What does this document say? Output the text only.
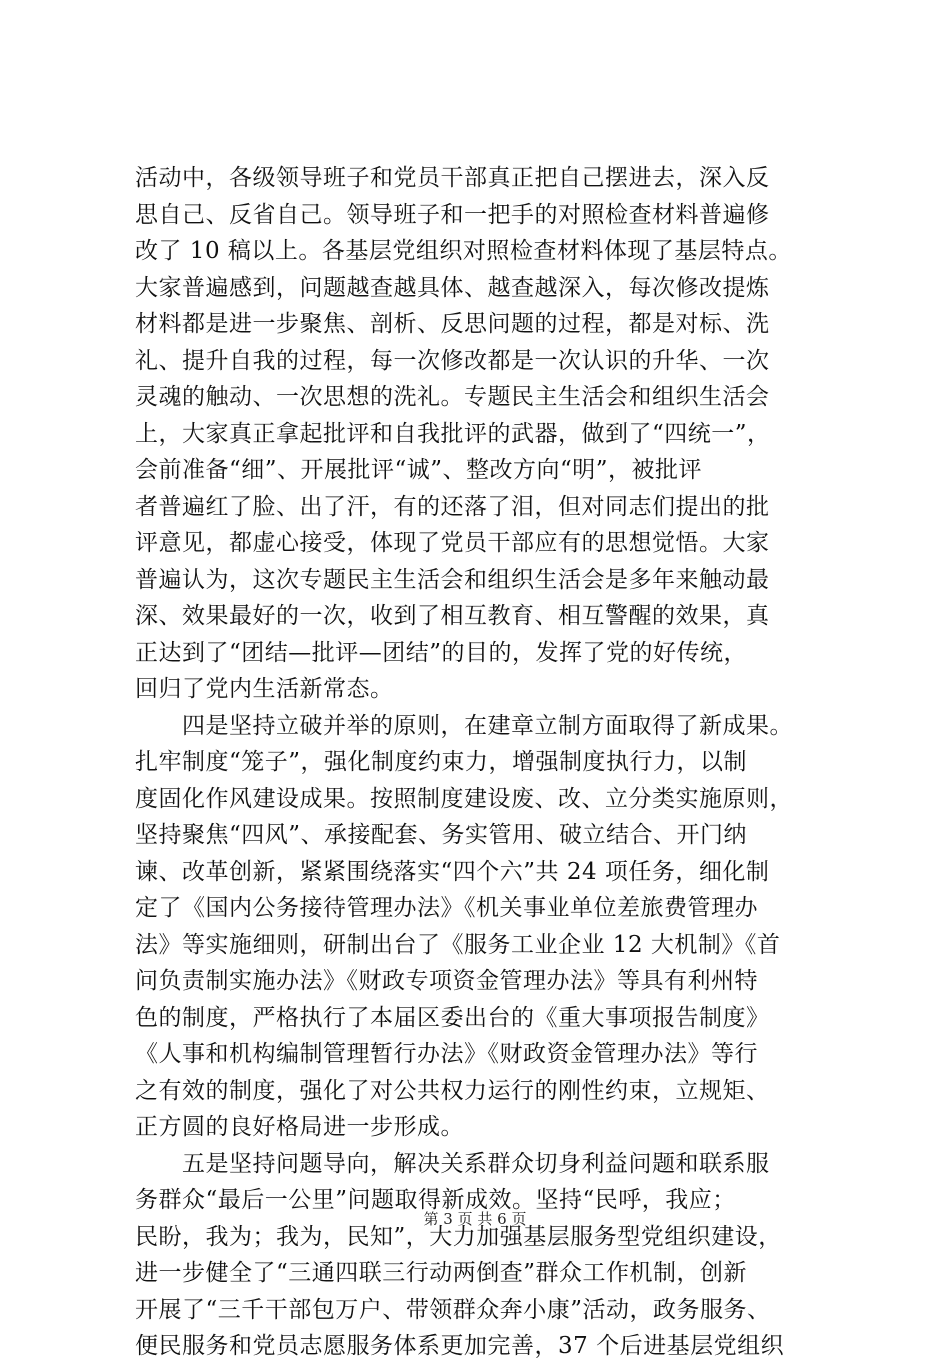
活动中，各级领导班子和党员干部真正把自己摆进去，深入反
思自己、反省自己。领导班子和一把手的对照检查材料普遍修
改了 10 稿以上。各基层党组织对照检查材料体现了基层特点。
大家普遍感到，问题越查越具体、越查越深入，每次修改提炼
材料都是进一步聚焦、剖析、反思问题的过程，都是对标、洗
礼、提升自我的过程，每一次修改都是一次认识的升华、一次
灵魂的触动、一次思想的洗礼。专题民主生活会和组织生活会
上，大家真正拿起批评和自我批评的武器，做到了“四统一”，
会前准备“细”、开展批评“诚”、整改方向“明”，被批评
者普遍红了脸、出了汗，有的还落了泪，但对同志们提出的批
评意见，都虚心接受，体现了党员干部应有的思想觉悟。大家
普遍认为，这次专题民主生活会和组织生活会是多年来触动最
深、效果最好的一次，收到了相互教育、相互警醒的效果，真
正达到了“团结—批评—团结”的目的，发挥了党的好传统，
回归了党内生活新常态。
　　四是坚持立破并举的原则，在建章立制方面取得了新成果。
扎牢制度“笼子”，强化制度约束力，增强制度执行力，以制
度固化作风建设成果。按照制度建设废、改、立分类实施原则，
坚持聚焦“四风”、承接配套、务实管用、破立结合、开门纳
谏、改革创新，紧紧围绕落实“四个六”共 24 项任务，细化制
定了《国内公务接待管理办法》《机关事业单位差旅费管理办
法》等实施细则，研制出台了《服务工业企业 12 大机制》《首
问负责制实施办法》《财政专项资金管理办法》等具有利州特
色的制度，严格执行了本届区委出台的《重大事项报告制度》
《人事和机构编制管理暂行办法》《财政资金管理办法》等行
之有效的制度，强化了对公共权力运行的刚性约束，立规矩、
正方圆的良好格局进一步形成。
　　五是坚持问题导向，解决关系群众切身利益问题和联系服
务群众“最后一公里”问题取得新成效。坚持“民呼，我应；
民盼，我为；我为，民知”，大力加强基层服务型党组织建设，
进一步健全了“三通四联三行动两倒查”群众工作机制，创新
开展了“三千干部包万户、带领群众奔小康”活动，政务服务、
便民服务和党员志愿服务体系更加完善，37 个后进基层党组织
第 3 页 共 6 页
